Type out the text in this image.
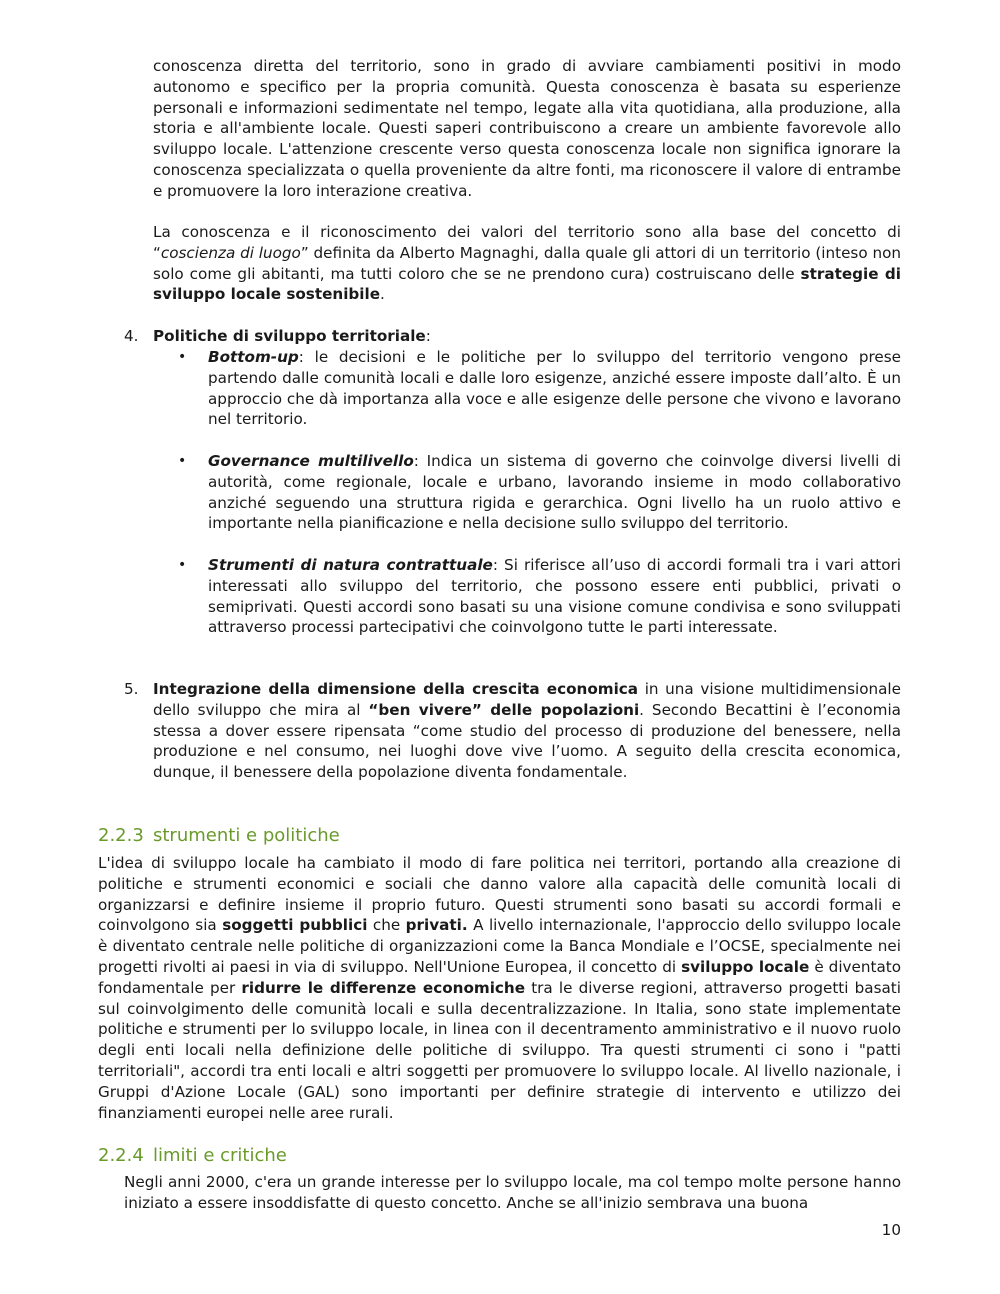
conoscenza diretta del territorio, sono in grado di avviare cambiamenti positivi in modo autonomo e specifico per la propria comunità. Questa conoscenza è basata su esperienze personali e informazioni sedimentate nel tempo, legate alla vita quotidiana, alla produzione, alla storia e all'ambiente locale. Questi saperi contribuiscono a creare un ambiente favorevole allo sviluppo locale. L'attenzione crescente verso questa conoscenza locale non significa ignorare la conoscenza specializzata o quella proveniente da altre fonti, ma riconoscere il valore di entrambe e promuovere la loro interazione creativa.

La conoscenza e il riconoscimento dei valori del territorio sono alla base del concetto di “coscienza di luogo” definita da Alberto Magnaghi, dalla quale gli attori di un territorio (inteso non solo come gli abitanti, ma tutti coloro che se ne prendono cura) costruiscano delle strategie di sviluppo locale sostenibile.

4. Politiche di sviluppo territoriale:

• Bottom-up: le decisioni e le politiche per lo sviluppo del territorio vengono prese partendo dalle comunità locali e dalle loro esigenze, anziché essere imposte dall’alto. È un approccio che dà importanza alla voce e alle esigenze delle persone che vivono e lavorano nel territorio.

• Governance multilivello: Indica un sistema di governo che coinvolge diversi livelli di autorità, come regionale, locale e urbano, lavorando insieme in modo collaborativo anziché seguendo una struttura rigida e gerarchica. Ogni livello ha un ruolo attivo e importante nella pianificazione e nella decisione sullo sviluppo del territorio.

• Strumenti di natura contrattuale: Si riferisce all’uso di accordi formali tra i vari attori interessati allo sviluppo del territorio, che possono essere enti pubblici, privati o semiprivati. Questi accordi sono basati su una visione comune condivisa e sono sviluppati attraverso processi partecipativi che coinvolgono tutte le parti interessate.

5. Integrazione della dimensione della crescita economica in una visione multidimensionale dello sviluppo che mira al “ben vivere” delle popolazioni. Secondo Becattini è l’economia stessa a dover essere ripensata “come studio del processo di produzione del benessere, nella produzione e nel consumo, nei luoghi dove vive l’uomo. A seguito della crescita economica, dunque, il benessere della popolazione diventa fondamentale.

2.2.3 strumenti e politiche

L'idea di sviluppo locale ha cambiato il modo di fare politica nei territori, portando alla creazione di politiche e strumenti economici e sociali che danno valore alla capacità delle comunità locali di organizzarsi e definire insieme il proprio futuro. Questi strumenti sono basati su accordi formali e coinvolgono sia soggetti pubblici che privati. A livello internazionale, l'approccio dello sviluppo locale è diventato centrale nelle politiche di organizzazioni come la Banca Mondiale e l’OCSE, specialmente nei progetti rivolti ai paesi in via di sviluppo. Nell'Unione Europea, il concetto di sviluppo locale è diventato fondamentale per ridurre le differenze economiche tra le diverse regioni, attraverso progetti basati sul coinvolgimento delle comunità locali e sulla decentralizzazione. In Italia, sono state implementate politiche e strumenti per lo sviluppo locale, in linea con il decentramento amministrativo e il nuovo ruolo degli enti locali nella definizione delle politiche di sviluppo. Tra questi strumenti ci sono i "patti territoriali", accordi tra enti locali e altri soggetti per promuovere lo sviluppo locale. Al livello nazionale, i Gruppi d'Azione Locale (GAL) sono importanti per definire strategie di intervento e utilizzo dei finanziamenti europei nelle aree rurali.

2.2.4 limiti e critiche

Negli anni 2000, c'era un grande interesse per lo sviluppo locale, ma col tempo molte persone hanno iniziato a essere insoddisfatte di questo concetto. Anche se all'inizio sembrava una buona

10
